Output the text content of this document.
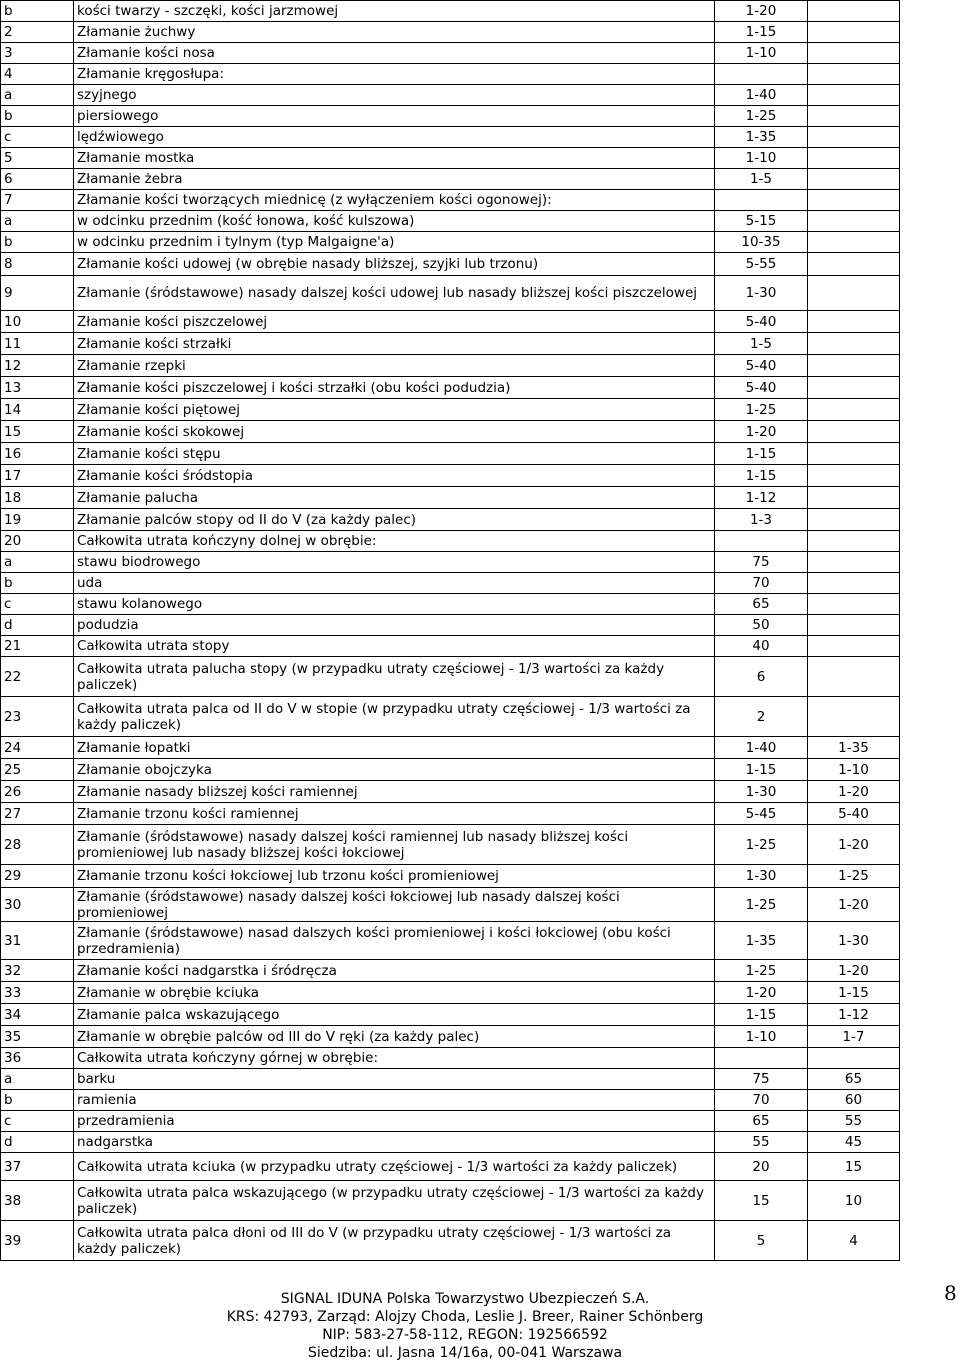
b	kości twarzy - szczęki, kości jarzmowej	1-20	
2	Złamanie żuchwy	1-15	
3	Złamanie kości nosa	1-10	
4	Złamanie kręgosłupa:		
a	szyjnego	1-40	
b	piersiowego	1-25	
c	lędźwiowego	1-35	
5	Złamanie mostka	1-10	
6	Złamanie żebra	1-5	
7	Złamanie kości tworzących miednicę (z wyłączeniem kości ogonowej):		
a	w odcinku przednim (kość łonowa, kość kulszowa)	5-15	
b	w odcinku przednim i tylnym (typ Malgaigne'a)	10-35	
8	Złamanie kości udowej (w obrębie nasady bliższej, szyjki lub trzonu)	5-55	
9	Złamanie (śródstawowe) nasady dalszej kości udowej lub nasady bliższej kości piszczelowej	1-30	
10	Złamanie kości piszczelowej	5-40	
11	Złamanie kości strzałki	1-5	
12	Złamanie rzepki	5-40	
13	Złamanie kości piszczelowej i kości strzałki (obu kości podudzia)	5-40	
14	Złamanie kości piętowej	1-25	
15	Złamanie kości skokowej	1-20	
16	Złamanie kości stępu	1-15	
17	Złamanie kości śródstopia	1-15	
18	Złamanie palucha	1-12	
19	Złamanie palców stopy od II do V (za każdy palec)	1-3	
20	Całkowita utrata kończyny dolnej w obrębie:		
a	stawu biodrowego	75	
b	uda	70	
c	stawu kolanowego	65	
d	podudzia	50	
21	Całkowita utrata stopy	40	
22	Całkowita utrata palucha stopy (w przypadku utraty częściowej - 1/3 wartości za każdy paliczek)	6	
23	Całkowita utrata palca od II do V w stopie (w przypadku utraty częściowej - 1/3 wartości za każdy paliczek)	2	
24	Złamanie łopatki	1-40	1-35
25	Złamanie obojczyka	1-15	1-10
26	Złamanie nasady bliższej kości ramiennej	1-30	1-20
27	Złamanie trzonu kości ramiennej	5-45	5-40
28	Złamanie (śródstawowe) nasady dalszej kości ramiennej lub nasady bliższej kości promieniowej lub nasady bliższej kości łokciowej	1-25	1-20
29	Złamanie trzonu kości łokciowej lub trzonu kości promieniowej	1-30	1-25
30	Złamanie (śródstawowe) nasady dalszej kości łokciowej lub nasady dalszej kości promieniowej	1-25	1-20
31	Złamanie (śródstawowe) nasad dalszych kości promieniowej i kości łokciowej (obu kości przedramienia)	1-35	1-30
32	Złamanie kości nadgarstka i śródręcza	1-25	1-20
33	Złamanie w obrębie kciuka	1-20	1-15
34	Złamanie palca wskazującego	1-15	1-12
35	Złamanie w obrębie palców od III do V ręki (za każdy palec)	1-10	1-7
36	Całkowita utrata kończyny górnej w obrębie:		
a	barku	75	65
b	ramienia	70	60
c	przedramienia	65	55
d	nadgarstka	55	45
37	Całkowita utrata kciuka (w przypadku utraty częściowej - 1/3 wartości za każdy paliczek)	20	15
38	Całkowita utrata palca wskazującego (w przypadku utraty częściowej - 1/3 wartości za każdy paliczek)	15	10
39	Całkowita utrata palca dłoni od III do V (w przypadku utraty częściowej - 1/3 wartości za każdy paliczek)	5	4
SIGNAL IDUNA Polska Towarzystwo Ubezpieczeń S.A.
KRS: 42793, Zarząd: Alojzy Choda, Leslie J. Breer, Rainer Schönberg
NIP: 583-27-58-112, REGON: 192566592
Siedziba: ul. Jasna 14/16a, 00-041 Warszawa
8
